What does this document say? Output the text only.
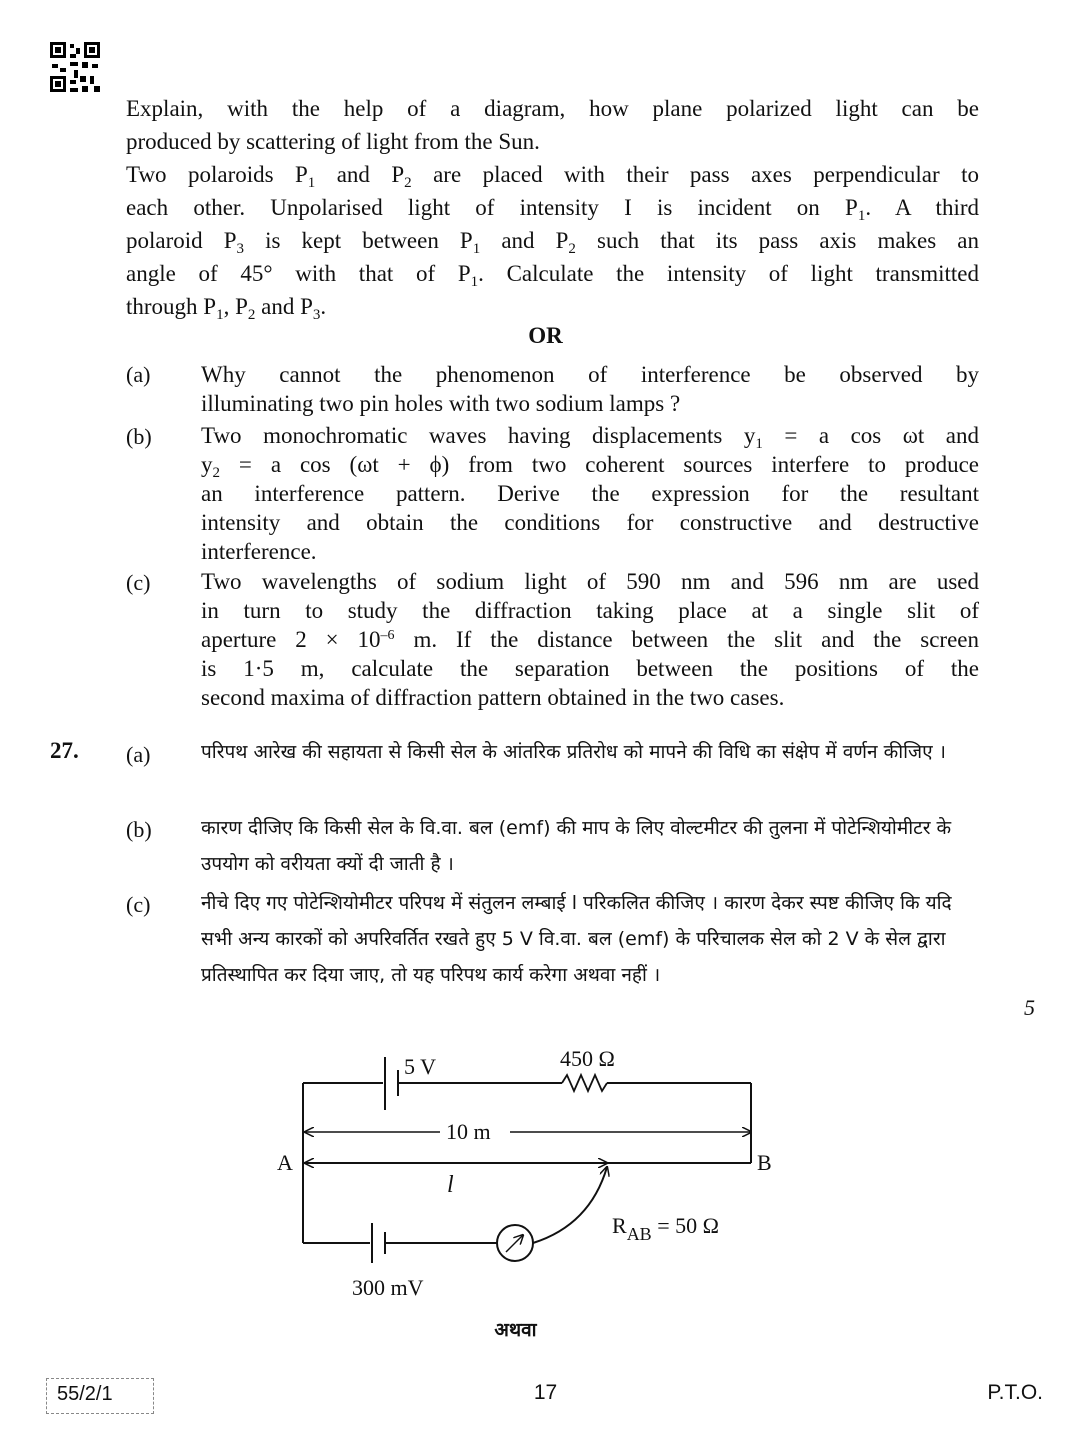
Explain, with the help of a diagram, how plane polarized light can be
produced by scattering of light from the Sun.
Two polaroids $P_1$ and $P_2$ are placed with their pass axes perpendicular to
each other. Unpolarised light of intensity I is incident on $P_1$. A third
polaroid $P_3$ is kept between $P_1$ and $P_2$ such that its pass axis makes an
angle of 45° with that of $P_1$. Calculate the intensity of light transmitted
through $P_1$, $P_2$ and $P_3$.
OR
(a) Why cannot the phenomenon of interference be observed by
illuminating two pin holes with two sodium lamps ?
(b) Two monochromatic waves having displacements $y_1 = a$ cos ωt and
$y_2 = a$ cos (ωt + ϕ) from two coherent sources interfere to produce
an interference pattern. Derive the expression for the resultant
intensity and obtain the conditions for constructive and destructive
interference.
(c) Two wavelengths of sodium light of 590 nm and 596 nm are used
in turn to study the diffraction taking place at a single slit of
aperture $2 \times 10^{-6}$ m. If the distance between the slit and the screen
is 1·5 m, calculate the separation between the positions of the
second maxima of diffraction pattern obtained in the two cases.
27. (a)	परिपथ आरेख की सहायता से किसी सेल के आंतरिक प्रतिरोध को मापने की विधि का संक्षेप में वर्णन कीजिए ।
(b)	कारण दीजिए कि किसी सेल के वि.वा. बल (emf) की माप के लिए वोल्टमीटर की तुलना में पोटेन्शियोमीटर के उपयोग को वरीयता क्यों दी जाती है ।
(c)	नीचे दिए गए पोटेन्शियोमीटर परिपथ में संतुलन लम्बाई l परिकलित कीजिए । कारण देकर स्पष्ट कीजिए कि यदि सभी अन्य कारकों को अपरिवर्तित रखते हुए 5 V वि.वा. बल (emf) के परिचालक सेल को 2 V के सेल द्वारा प्रतिस्थापित कर दिया जाए, तो यह परिपथ कार्य करेगा अथवा नहीं ।
5
5 V	450 Ω
10 m
A	B
l
$R_{AB} = 50$ Ω
300 mV
अथवा
55/2/1	17	P.T.O.
